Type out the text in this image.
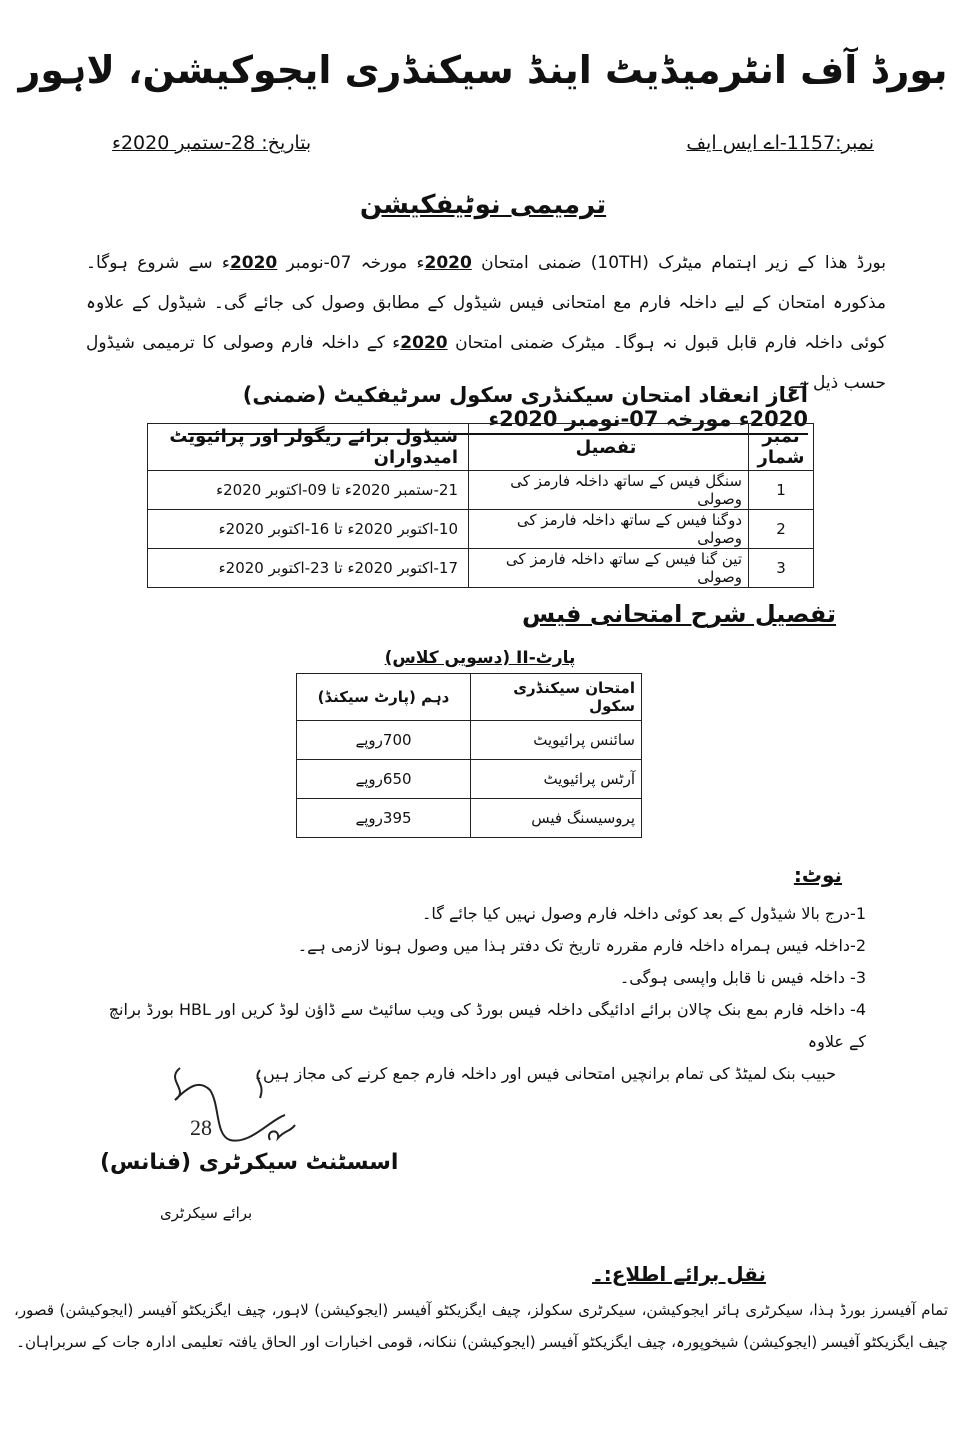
بورڈ آف انٹرمیڈیٹ اینڈ سیکنڈری ایجوکیشن، لاہور
نمبر:1157-اے ایس ایف
بتاریخ: 28-ستمبر 2020ء
ترمیمی نوٹیفکیشن
بورڈ ھذا کے زیر اہتمام میٹرک (10TH) ضمنی امتحان 2020ء مورخہ 07-نومبر 2020ء سے شروع ہوگا۔ مذکورہ امتحان کے لیے داخلہ فارم مع امتحانی فیس شیڈول کے مطابق وصول کی جائے گی۔ شیڈول کے علاوہ کوئی داخلہ فارم قابل قبول نہ ہوگا۔ میٹرک ضمنی امتحان 2020ء کے داخلہ فارم وصولی کا ترمیمی شیڈول حسب ذیل ہے۔
آغاز انعقاد امتحان سیکنڈری سکول سرٹیفکیٹ (ضمنی) 2020ء مورخہ 07-نومبر 2020ء
نمبر شمار	تفصیل	شیڈول برائے ریگولر اور پرائیویٹ امیدواران
1	سنگل فیس کے ساتھ داخلہ فارمز کی وصولی	21-ستمبر 2020ء تا 09-اکتوبر 2020ء
2	دوگنا فیس کے ساتھ داخلہ فارمز کی وصولی	10-اکتوبر 2020ء تا 16-اکتوبر 2020ء
3	تین گنا فیس کے ساتھ داخلہ فارمز کی وصولی	17-اکتوبر 2020ء تا 23-اکتوبر 2020ء
تفصیل شرح امتحانی فیس
پارٹ-II (دسویں کلاس)
امتحان سیکنڈری سکول	دہم (پارٹ سیکنڈ)
سائنس پرائیویٹ	700روپے
آرٹس پرائیویٹ	650روپے
پروسیسنگ فیس	395روپے
نوٹ:
1-درج بالا شیڈول کے بعد کوئی داخلہ فارم وصول نہیں کیا جائے گا۔
2-داخلہ فیس ہمراہ داخلہ فارم مقررہ تاریخ تک دفتر ہذا میں وصول ہونا لازمی ہے۔
3- داخلہ فیس نا قابل واپسی ہوگی۔
4- داخلہ فارم بمع بنک چالان برائے ادائیگی داخلہ فیس بورڈ کی ویب سائیٹ سے ڈاؤن لوڈ کریں اور HBL بورڈ برانچ کے علاوہ
حبیب بنک لمیٹڈ کی تمام برانچیں امتحانی فیس اور داخلہ فارم جمع کرنے کی مجاز ہیں۔
28
اسسٹنٹ سیکرٹری (فنانس)
برائے سیکرٹری
نقل برائے اطلاع:۔
تمام آفیسرز بورڈ ہذا، سیکرٹری ہائر ایجوکیشن، سیکرٹری سکولز، چیف ایگزیکٹو آفیسر (ایجوکیشن) لاہور، چیف ایگزیکٹو آفیسر (ایجوکیشن) قصور، چیف ایگزیکٹو آفیسر (ایجوکیشن) شیخوپورہ، چیف ایگزیکٹو آفیسر (ایجوکیشن) ننکانہ، قومی اخبارات اور الحاق یافتہ تعلیمی ادارہ جات کے سربراہان۔
